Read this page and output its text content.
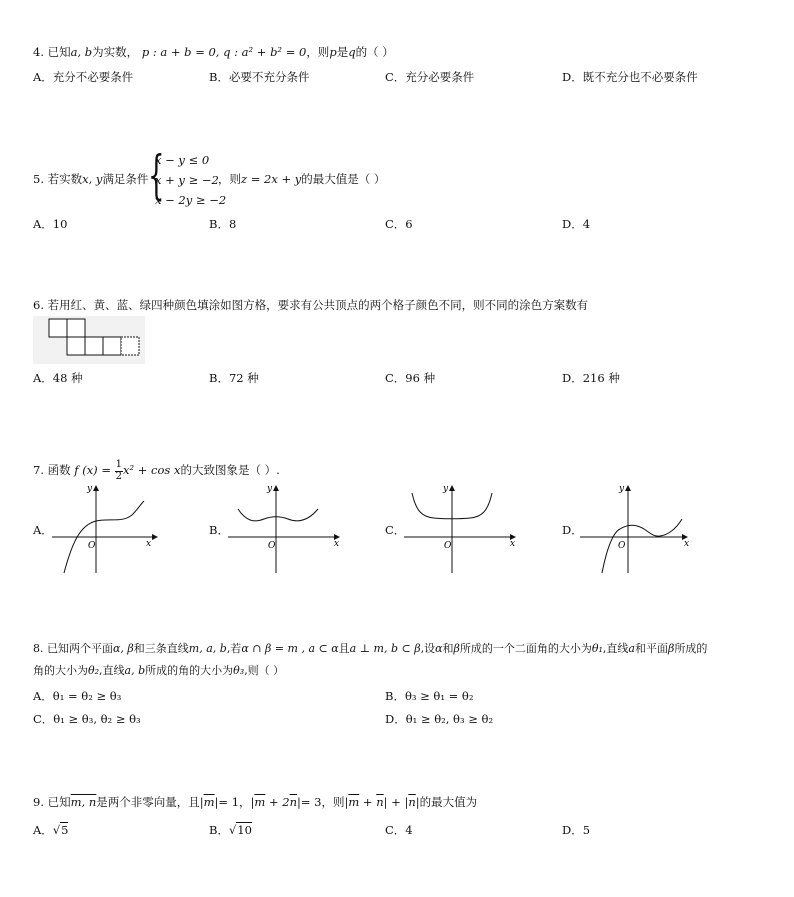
4. 已知a, b为实数， p : a + b = 0, q : a² + b² = 0，则p是q的（ ）
A．充分不必要条件	B．必要不充分条件	C．充分必要条件	D．既不充分也不必要条件
5. 若实数x, y满足条件 {
x − y ≤ 0
x + y ≥ −2
x − 2y ≥ −2
，则z = 2x + y的最大值是（ ）
A．10	B．8	C．6	D．4
6. 若用红、黄、蓝、绿四种颜色填涂如图方格，要求有公共顶点的两个格子颜色不同，则不同的涂色方案数有
A．48 种	B．72 种	C．96 种	D．216 种
7. 函数 f $(x) = \frac{1}{2} x^2 + \cos x$的大致图象是（ ）.
A．
x
y
O
B．
x
y
O
C．
x
y
O
D．
x
y
O
8. 已知两个平面α, β和三条直线m, a, b,若α ∩ β = m , a ⊂ α且a ⊥ m, b ⊂ β,设α和β所成的一个二面角的大小为θ₁,直线a和平面β所成的
角的大小为θ₂,直线a, b所成的角的大小为θ₃,则（ ）
A．θ₁ = θ₂ ≥ θ₃	B．θ₃ ≥ θ₁ = θ₂
C．θ₁ ≥ θ₃, θ₂ ≥ θ₃	D．θ₁ ≥ θ₂, θ₃ ≥ θ₂
9. 已知m, n是两个非零向量，且$|\overline{m}|= 1$，$|\overline{m} + 2\overline{n}|= 3$，则$|\overline{m} + \overline{n}| + |\overline{n}|$的最大值为
A．√5	B．√10	C．4	D．5
